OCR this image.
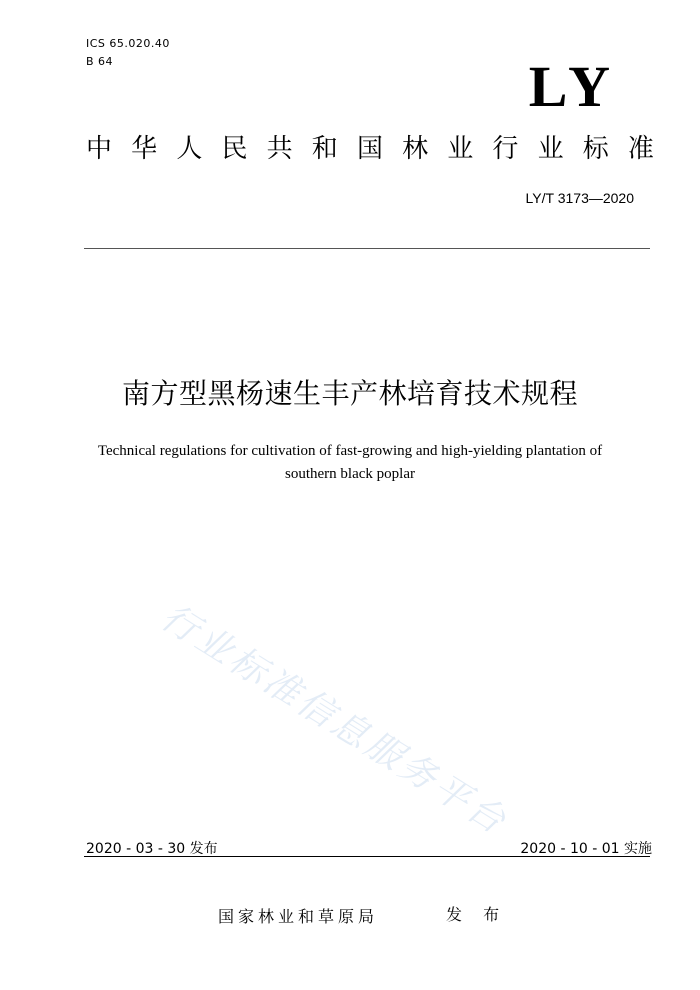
ICS 65.020.40
B 64	LY
中 华 人 民 共 和 国 林 业 行 业 标 准
LY/T 3173—2020
南方型黑杨速生丰产林培育技术规程
Technical regulations for cultivation of fast-growing and high-yielding plantation of
southern black poplar
行业标准信息服务平台
2020 - 03 - 30 发布	2020 - 10 - 01 实施
国家林业和草原局	发 布
